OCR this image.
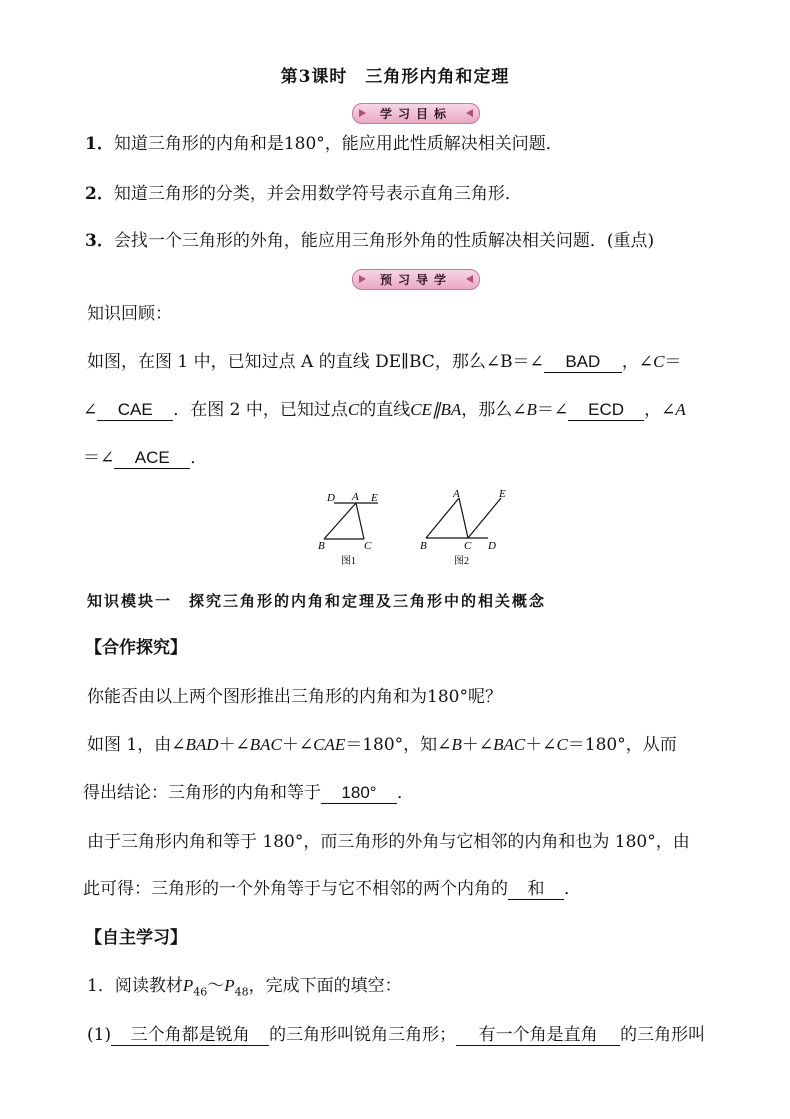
第3课时　三角形内角和定理
学习目标
1．知道三角形的内角和是180°，能应用此性质解决相关问题．
2．知道三角形的分类，并会用数学符号表示直角三角形．
3．会找一个三角形的外角，能应用三角形外角的性质解决相关问题．(重点)
预习导学
知识回顾：
如图，在图 1 中，已知过点 A 的直线 DE∥BC，那么∠B＝∠ BAD ，∠C＝
∠ CAE ．在图 2 中，已知过点C的直线CE∥BA，那么∠B＝∠ ECD ，∠A
＝∠ ACE ．
D A E
B	C
图1
A	E
B	C D
图2
知识模块一　探究三角形的内角和定理及三角形中的相关概念
【合作探究】
你能否由以上两个图形推出三角形的内角和为180°呢？
如图 1，由∠BAD＋∠BAC＋∠CAE＝180°，知∠B＋∠BAC＋∠C＝180°，从而
得出结论：三角形的内角和等于 180° ．
由于三角形内角和等于 180°，而三角形的外角与它相邻的内角和也为 180°，由
此可得：三角形的一个外角等于与它不相邻的两个内角的 和 ．
【自主学习】
1．阅读教材$P_{46}\sim P_{48}$，完成下面的填空：
(1) 三个角都是锐角 的三角形叫锐角三角形； 有一个角是直角 的三角形叫
